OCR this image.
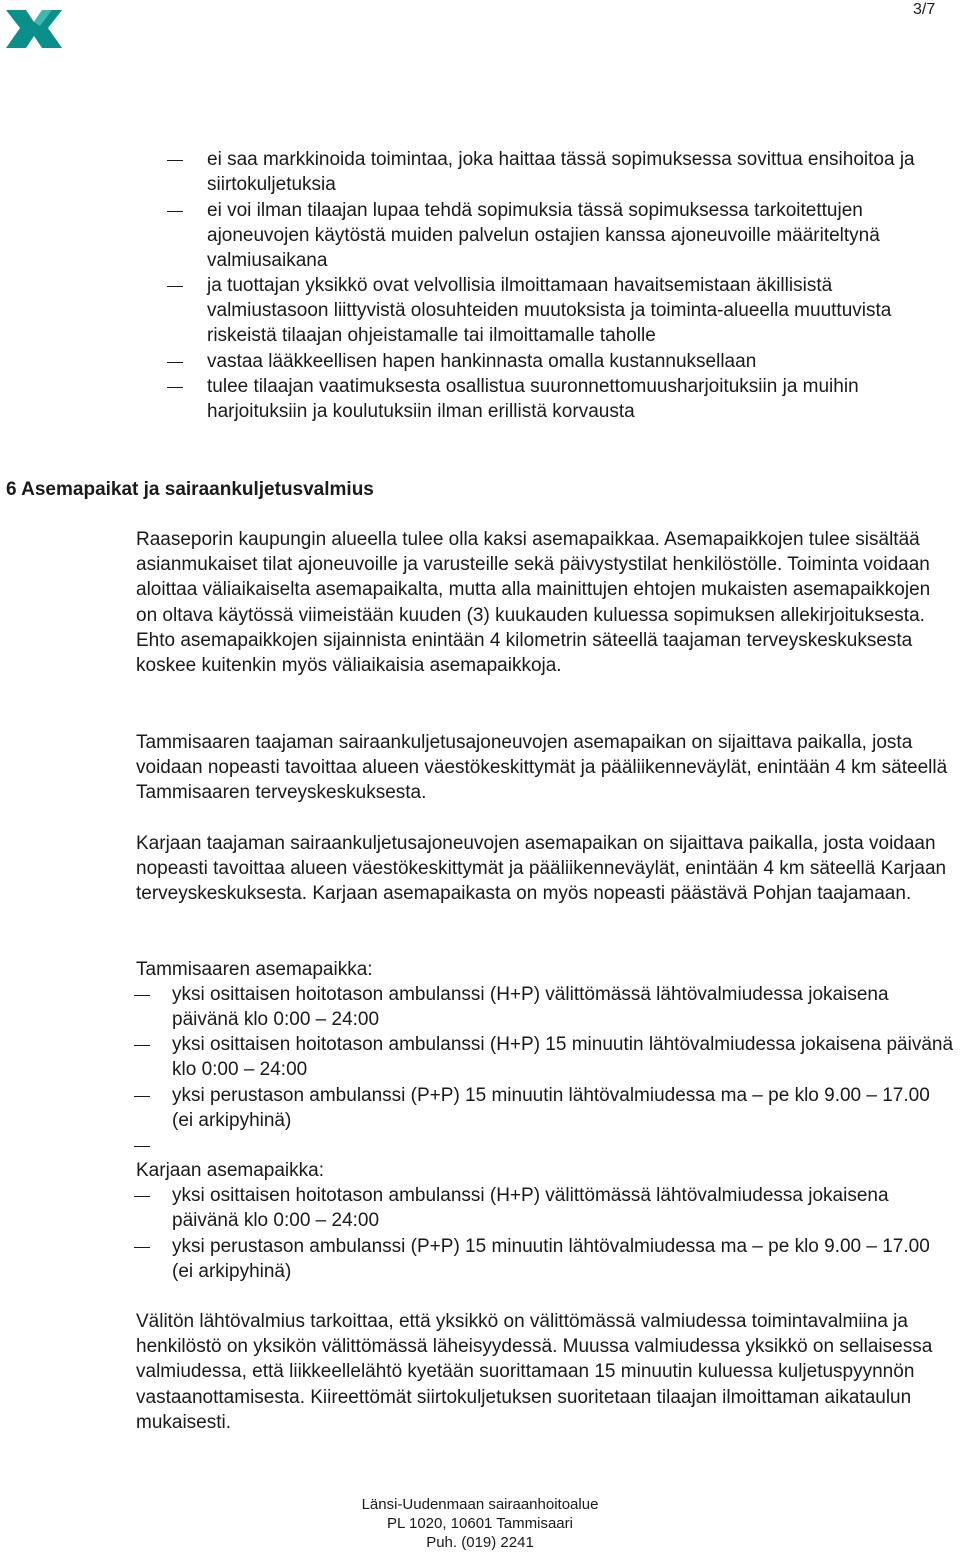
HELSINGIN JA UUDENMAAN
SAIRAANHOITOPIIRI
Länsi-Uudenmaan sairaanhoitoalue
31.5.2012
3/7
ei saa markkinoida toimintaa, joka haittaa tässä sopimuksessa sovittua ensihoitoa ja siirtokuljetuksia
ei voi ilman tilaajan lupaa tehdä sopimuksia tässä sopimuksessa tarkoitettujen ajoneuvojen käytöstä muiden palvelun ostajien kanssa ajoneuvoille määriteltynä valmiusaikana
ja tuottajan yksikkö ovat velvollisia ilmoittamaan havaitsemistaan äkillisistä valmiustasoon liittyvistä olosuhteiden muutoksista ja toiminta-alueella muuttuvista riskeistä tilaajan ohjeistamalle tai ilmoittamalle taholle
vastaa lääkkeellisen hapen hankinnasta omalla kustannuksellaan
tulee tilaajan vaatimuksesta osallistua suuronnettomuusharjoituksiin ja muihin harjoituksiin ja koulutuksiin ilman erillistä korvausta
6 Asemapaikat ja sairaankuljetusvalmius
Raaseporin kaupungin alueella tulee olla kaksi asemapaikkaa. Asemapaikkojen tulee sisältää asianmukaiset tilat ajoneuvoille ja varusteille sekä päivystystilat henkilöstölle. Toiminta voidaan aloittaa väliaikaiselta asemapaikalta, mutta alla mainittujen ehtojen mukaisten asemapaikkojen on oltava käytössä viimeistään kuuden (3) kuukauden kuluessa sopimuksen allekirjoituksesta. Ehto asemapaikkojen sijainnista enintään 4 kilometrin säteellä taajaman terveyskeskuksesta koskee kuitenkin myös väliaikaisia asemapaikkoja.
Tammisaaren taajaman sairaankuljetusajoneuvojen asemapaikan on sijaittava paikalla, josta voidaan nopeasti tavoittaa alueen väestökeskittymät ja pääliikenneväylät, enintään 4 km säteellä Tammisaaren terveyskeskuksesta.
Karjaan taajaman sairaankuljetusajoneuvojen asemapaikan on sijaittava paikalla, josta voidaan nopeasti tavoittaa alueen väestökeskittymät ja pääliikenneväylät, enintään 4 km säteellä Karjaan terveyskeskuksesta. Karjaan asemapaikasta on myös nopeasti päästävä Pohjan taajamaan.
Tammisaaren asemapaikka:
yksi osittaisen hoitotason ambulanssi (H+P) välittömässä lähtövalmiudessa jokaisena päivänä klo 0:00 – 24:00
yksi osittaisen hoitotason ambulanssi (H+P) 15 minuutin lähtövalmiudessa jokaisena päivänä klo 0:00 – 24:00
yksi perustason ambulanssi (P+P) 15 minuutin lähtövalmiudessa ma – pe klo 9.00 – 17.00 (ei arkipyhinä)
Karjaan asemapaikka:
yksi osittaisen hoitotason ambulanssi (H+P) välittömässä lähtövalmiudessa jokaisena päivänä klo 0:00 – 24:00
yksi perustason ambulanssi (P+P) 15 minuutin lähtövalmiudessa ma – pe klo 9.00 – 17.00 (ei arkipyhinä)
Välitön lähtövalmius tarkoittaa, että yksikkö on välittömässä valmiudessa toimintavalmiina ja henkilöstö on yksikön välittömässä läheisyydessä. Muussa valmiudessa yksikkö on sellaisessa valmiudessa, että liikkeellelähtö kyetään suorittamaan 15 minuutin kuluessa kuljetuspyynnön vastaanottamisesta. Kiireettömät siirtokuljetuksen suoritetaan tilaajan ilmoittaman aikataulun mukaisesti.
Länsi-Uudenmaan sairaanhoitoalue
PL 1020, 10601 Tammisaari
Puh. (019) 2241
